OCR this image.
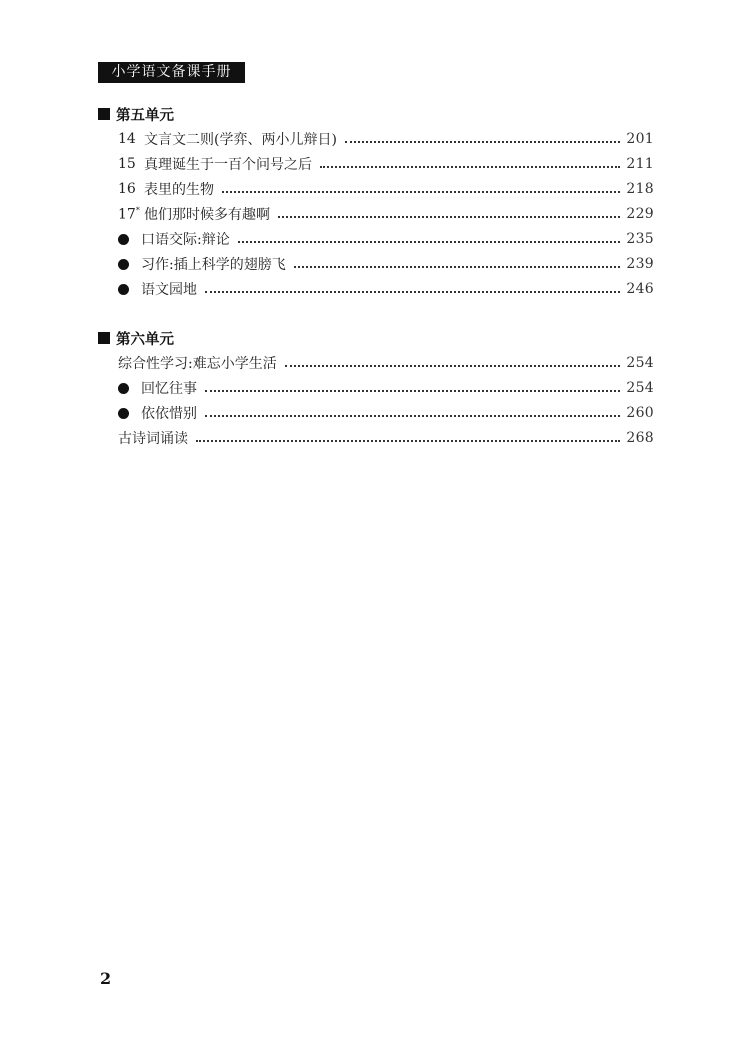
小学语文备课手册
第五单元
14 文言文二则(学弈、两小儿辩日)	201
15 真理诞生于一百个问号之后	211
16 表里的生物	218
17* 他们那时候多有趣啊	229
口语交际:辩论	235
习作:插上科学的翅膀飞	239
语文园地	246
第六单元
综合性学习:难忘小学生活	254
回忆往事	254
依依惜别	260
古诗词诵读	268
2
